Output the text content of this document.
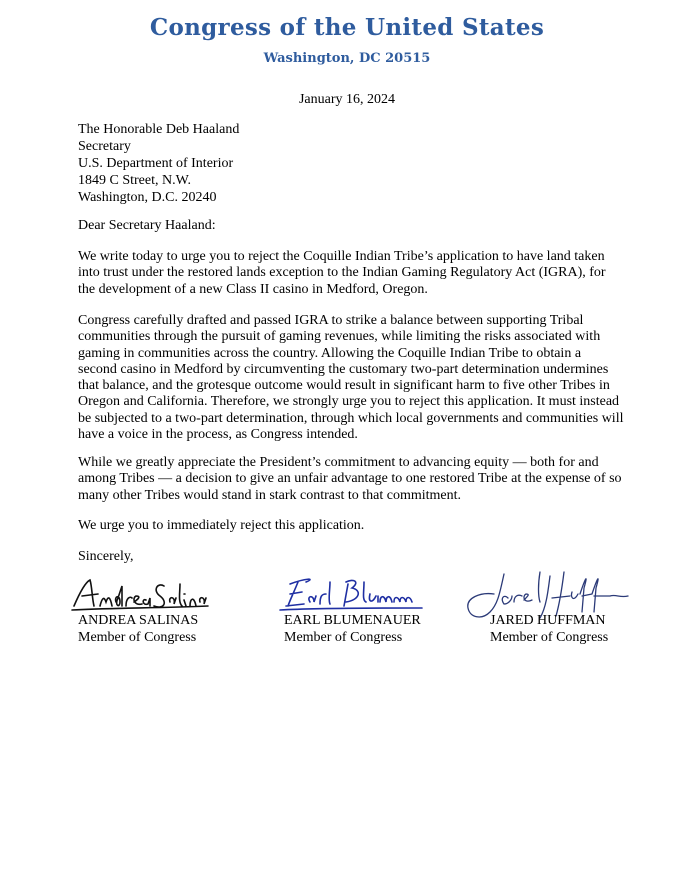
Congress of the United States
Washington, DC 20515
January 16, 2024
The Honorable Deb Haaland
Secretary
U.S. Department of Interior
1849 C Street, N.W.
Washington, D.C. 20240
Dear Secretary Haaland:
We write today to urge you to reject the Coquille Indian Tribe’s application to have land taken
into trust under the restored lands exception to the Indian Gaming Regulatory Act (IGRA), for
the development of a new Class II casino in Medford, Oregon.
Congress carefully drafted and passed IGRA to strike a balance between supporting Tribal
communities through the pursuit of gaming revenues, while limiting the risks associated with
gaming in communities across the country. Allowing the Coquille Indian Tribe to obtain a
second casino in Medford by circumventing the customary two-part determination undermines
that balance, and the grotesque outcome would result in significant harm to five other Tribes in
Oregon and California. Therefore, we strongly urge you to reject this application. It must instead
be subjected to a two-part determination, through which local governments and communities will
have a voice in the process, as Congress intended.
While we greatly appreciate the President’s commitment to advancing equity — both for and
among Tribes — a decision to give an unfair advantage to one restored Tribe at the expense of so
many other Tribes would stand in stark contrast to that commitment.
We urge you to immediately reject this application.
Sincerely,
ANDREA SALINAS
Member of Congress
EARL BLUMENAUER
Member of Congress
JARED HUFFMAN
Member of Congress
